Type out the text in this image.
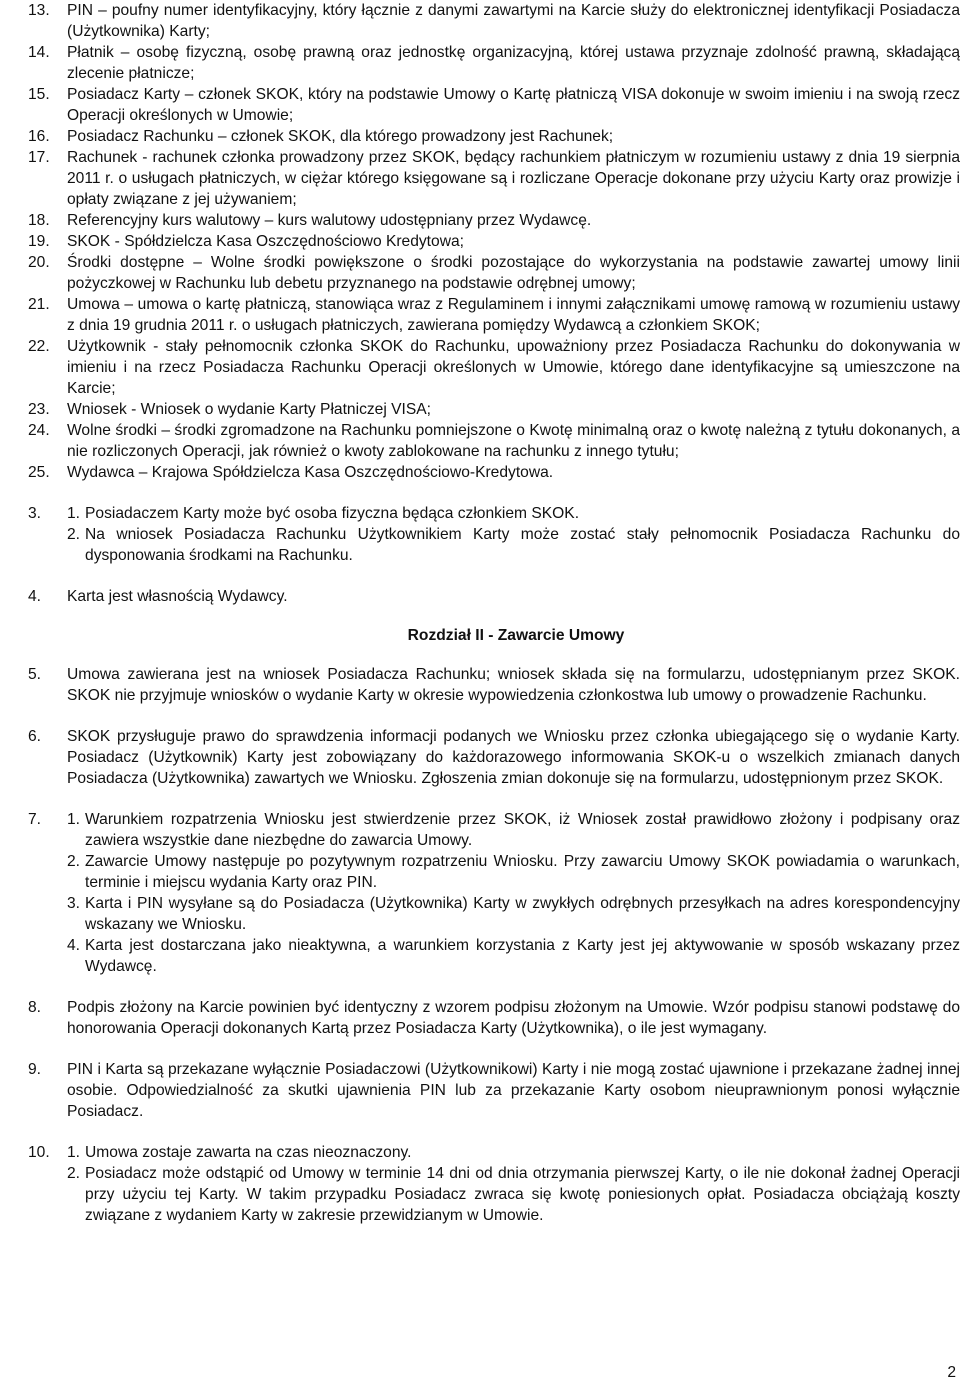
13.	PIN – poufny numer identyfikacyjny, który łącznie z danymi zawartymi na Karcie służy do elektronicznej identyfikacji Posiadacza (Użytkownika) Karty;
14.	Płatnik – osobę fizyczną, osobę prawną oraz jednostkę organizacyjną, której ustawa przyznaje zdolność prawną, składającą zlecenie płatnicze;
15.	Posiadacz Karty – członek SKOK, który na podstawie Umowy o Kartę płatniczą VISA dokonuje w swoim imieniu i na swoją rzecz Operacji określonych w Umowie;
16.	Posiadacz Rachunku – członek SKOK, dla którego prowadzony jest Rachunek;
17.	Rachunek - rachunek członka prowadzony przez SKOK, będący rachunkiem płatniczym w rozumieniu ustawy z dnia 19 sierpnia 2011 r. o usługach płatniczych, w ciężar którego księgowane są i rozliczane Operacje dokonane przy użyciu Karty oraz prowizje i opłaty związane z jej używaniem;
18.	Referencyjny kurs walutowy – kurs walutowy udostępniany przez Wydawcę.
19.	SKOK - Spółdzielcza Kasa Oszczędnościowo Kredytowa;
20.	Środki dostępne – Wolne środki powiększone o środki pozostające do wykorzystania na podstawie zawartej umowy linii pożyczkowej w Rachunku lub debetu przyznanego na podstawie odrębnej umowy;
21.	Umowa – umowa o kartę płatniczą, stanowiąca wraz z Regulaminem i innymi załącznikami umowę ramową w rozumieniu ustawy z dnia 19 grudnia 2011 r. o usługach płatniczych, zawierana pomiędzy Wydawcą a członkiem SKOK;
22.	Użytkownik - stały pełnomocnik członka SKOK do Rachunku, upoważniony przez Posiadacza Rachunku do dokonywania w imieniu i na rzecz Posiadacza Rachunku Operacji określonych w Umowie, którego dane identyfikacyjne są umieszczone na Karcie;
23.	Wniosek - Wniosek o wydanie Karty Płatniczej VISA;
24.	Wolne środki – środki zgromadzone na Rachunku pomniejszone o Kwotę minimalną oraz o kwotę należną z tytułu dokonanych, a nie rozliczonych Operacji, jak również o kwoty zablokowane na rachunku z innego tytułu;
25.	Wydawca – Krajowa Spółdzielcza Kasa Oszczędnościowo-Kredytowa.
3.	1. Posiadaczem Karty może być osoba fizyczna będąca członkiem SKOK.
2. Na wniosek Posiadacza Rachunku Użytkownikiem Karty może zostać stały pełnomocnik Posiadacza Rachunku do dysponowania środkami na Rachunku.
4.	Karta jest własnością Wydawcy.
Rozdział II - Zawarcie Umowy
5.	Umowa zawierana jest na wniosek Posiadacza Rachunku; wniosek składa się na formularzu, udostępnianym przez SKOK. SKOK nie przyjmuje wniosków o wydanie Karty w okresie wypowiedzenia członkostwa lub umowy o prowadzenie Rachunku.
6.	SKOK przysługuje prawo do sprawdzenia informacji podanych we Wniosku przez członka ubiegającego się o wydanie Karty. Posiadacz (Użytkownik) Karty jest zobowiązany do każdorazowego informowania SKOK-u o wszelkich zmianach danych Posiadacza (Użytkownika) zawartych we Wniosku. Zgłoszenia zmian dokonuje się na formularzu, udostępnionym przez SKOK.
7.	1. Warunkiem rozpatrzenia Wniosku jest stwierdzenie przez SKOK, iż Wniosek został prawidłowo złożony i podpisany oraz zawiera wszystkie dane niezbędne do zawarcia Umowy.
2. Zawarcie Umowy następuje po pozytywnym rozpatrzeniu Wniosku. Przy zawarciu Umowy SKOK powiadamia o warunkach, terminie i miejscu wydania Karty oraz PIN.
3. Karta i PIN wysyłane są do Posiadacza (Użytkownika) Karty w zwykłych odrębnych przesyłkach na adres korespondencyjny wskazany we Wniosku.
4. Karta jest dostarczana jako nieaktywna, a warunkiem korzystania z Karty jest jej aktywowanie w sposób wskazany przez Wydawcę.
8.	Podpis złożony na Karcie powinien być identyczny z wzorem podpisu złożonym na Umowie. Wzór podpisu stanowi podstawę do honorowania Operacji dokonanych Kartą przez Posiadacza Karty (Użytkownika), o ile jest wymagany.
9.	PIN i Karta są przekazane wyłącznie Posiadaczowi (Użytkownikowi) Karty i nie mogą zostać ujawnione i przekazane żadnej innej osobie. Odpowiedzialność za skutki ujawnienia PIN lub za przekazanie Karty osobom nieuprawnionym ponosi wyłącznie Posiadacz.
10.	1. Umowa zostaje zawarta na czas nieoznaczony.
2. Posiadacz może odstąpić od Umowy w terminie 14 dni od dnia otrzymania pierwszej Karty, o ile nie dokonał żadnej Operacji przy użyciu tej Karty. W takim przypadku Posiadacz zwraca się kwotę poniesionych opłat. Posiadacza obciążają koszty związane z wydaniem Karty w zakresie przewidzianym w Umowie.
2
